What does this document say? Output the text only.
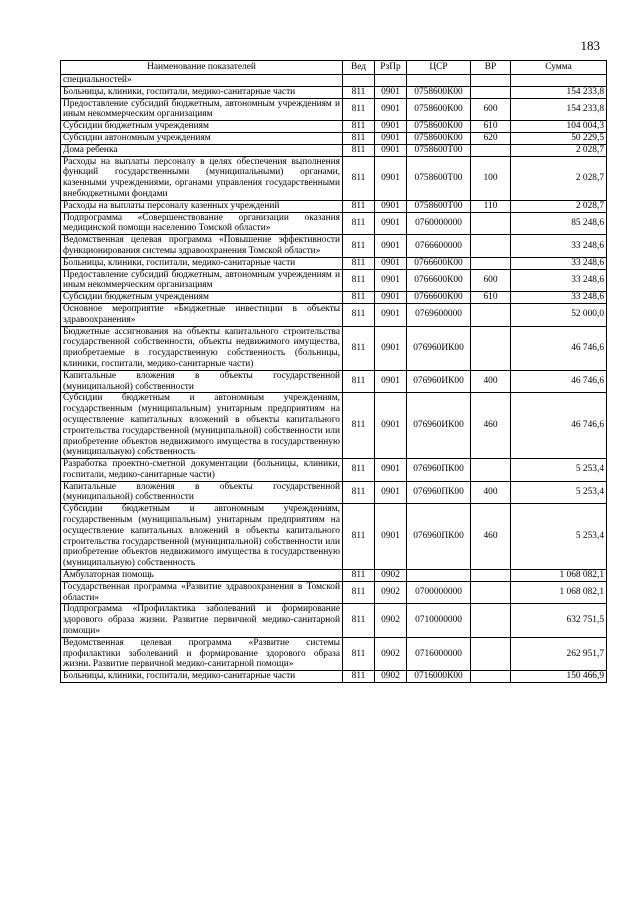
183
Наименование показателей	Вед	РзПр	ЦСР	ВР	Сумма
специальностей»					
Больницы, клиники, госпитали, медико-санитарные части	811	0901	0758600К00		154 233,8
Предоставление субсидий бюджетным, автономным учреждениям и иным некоммерческим организациям	811	0901	0758600К00	600	154 233,8
Субсидии бюджетным учреждениям	811	0901	0758600К00	610	104 004,3
Субсидии автономным учреждениям	811	0901	0758600К00	620	50 229,5
Дома ребенка	811	0901	0758600Т00		2 028,7
Расходы на выплаты персоналу в целях обеспечения выполнения функций государственными (муниципальными) органами, казенными учреждениями, органами управления государственными внебюджетными фондами	811	0901	0758600Т00	100	2 028,7
Расходы на выплаты персоналу казенных учреждений	811	0901	0758600Т00	110	2 028,7
Подпрограмма «Совершенствование организации оказания медицинской помощи населению Томской области»	811	0901	0760000000		85 248,6
Ведомственная целевая программа «Повышение эффективности функционирования системы здравоохранения Томской области»	811	0901	0766600000		33 248,6
Больницы, клиники, госпитали, медико-санитарные части	811	0901	0766600К00		33 248,6
Предоставление субсидий бюджетным, автономным учреждениям и иным некоммерческим организациям	811	0901	0766600К00	600	33 248,6
Субсидии бюджетным учреждениям	811	0901	0766600К00	610	33 248,6
Основное мероприятие «Бюджетные инвестиции в объекты здравоохранения»	811	0901	0769600000		52 000,0
Бюджетные ассигнования на объекты капитального строительства государственной собственности, объекты недвижимого имущества, приобретаемые в государственную собственность (больницы, клиники, госпитали, медико-санитарные части)	811	0901	076960ИК00		46 746,6
Капитальные вложения в объекты государственной (муниципальной) собственности	811	0901	076960ИК00	400	46 746,6
Субсидии бюджетным и автономным учреждениям, государственным (муниципальным) унитарным предприятиям на осуществление капитальных вложений в объекты капитального строительства государственной (муниципальной) собственности или приобретение объектов недвижимого имущества в государственную (муниципальную) собственность	811	0901	076960ИК00	460	46 746,6
Разработка проектно-сметной документации (больницы, клиники, госпитали, медико-санитарные части)	811	0901	076960ПК00		5 253,4
Капитальные вложения в объекты государственной (муниципальной) собственности	811	0901	076960ПК00	400	5 253,4
Субсидии бюджетным и автономным учреждениям, государственным (муниципальным) унитарным предприятиям на осуществление капитальных вложений в объекты капитального строительства государственной (муниципальной) собственности или приобретение объектов недвижимого имущества в государственную (муниципальную) собственность	811	0901	076960ПК00	460	5 253,4
Амбулаторная помощь	811	0902			1 068 082,1
Государственная программа «Развитие здравоохранения в Томской области»	811	0902	0700000000		1 068 082,1
Подпрограмма «Профилактика заболеваний и формирование здорового образа жизни. Развитие первичной медико-санитарной помощи»	811	0902	0710000000		632 751,5
Ведомственная целевая программа «Развитие системы профилактики заболеваний и формирование здорового образа жизни. Развитие первичной медико-санитарной помощи»	811	0902	0716000000		262 951,7
Больницы, клиники, госпитали, медико-санитарные части	811	0902	0716000К00		150 466,9
